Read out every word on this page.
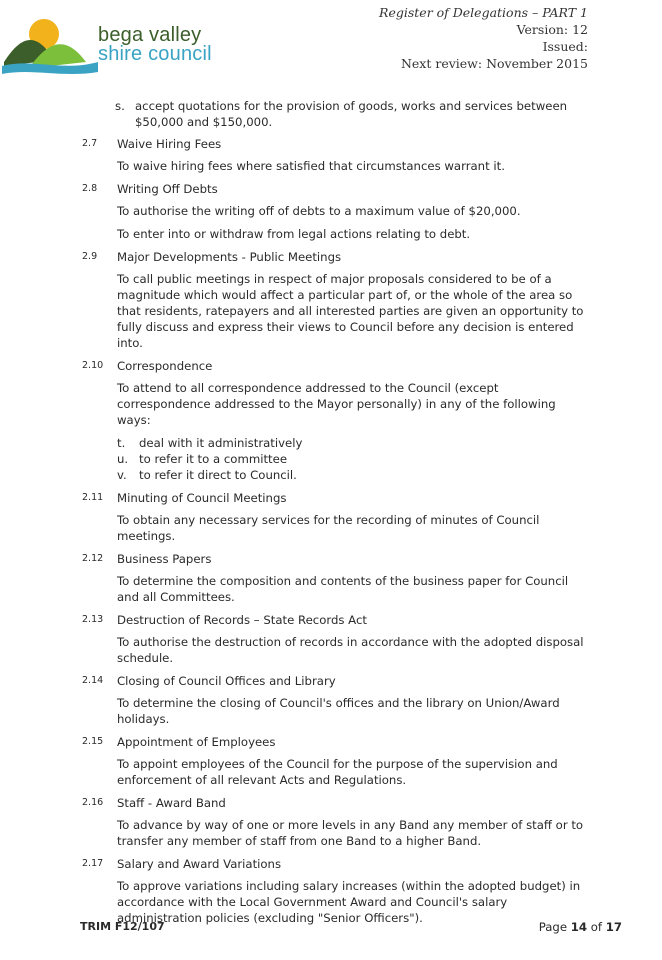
bega valley
shire council
Register of Delegations – PART 1
Version: 12
Issued:
Next review: November 2015
s. accept quotations for the provision of goods, works and services between $50,000 and $150,000.
2.7	Waive Hiring Fees
To waive hiring fees where satisfied that circumstances warrant it.
2.8	Writing Off Debts
To authorise the writing off of debts to a maximum value of $20,000.
To enter into or withdraw from legal actions relating to debt.
2.9	Major Developments - Public Meetings
To call public meetings in respect of major proposals considered to be of a magnitude which would affect a particular part of, or the whole of the area so that residents, ratepayers and all interested parties are given an opportunity to fully discuss and express their views to Council before any decision is entered into.
2.10	Correspondence
To attend to all correspondence addressed to the Council (except correspondence addressed to the Mayor personally) in any of the following ways:
t.	deal with it administratively
u. to refer it to a committee
v.	to refer it direct to Council.
2.11	Minuting of Council Meetings
To obtain any necessary services for the recording of minutes of Council meetings.
2.12	Business Papers
To determine the composition and contents of the business paper for Council and all Committees.
2.13	Destruction of Records – State Records Act
To authorise the destruction of records in accordance with the adopted disposal schedule.
2.14	Closing of Council Offices and Library
To determine the closing of Council's offices and the library on Union/Award holidays.
2.15	Appointment of Employees
To appoint employees of the Council for the purpose of the supervision and enforcement of all relevant Acts and Regulations.
2.16	Staff - Award Band
To advance by way of one or more levels in any Band any member of staff or to transfer any member of staff from one Band to a higher Band.
2.17	Salary and Award Variations
To approve variations including salary increases (within the adopted budget) in accordance with the Local Government Award and Council's salary administration policies (excluding "Senior Officers").
TRIM F12/107	Page 14 of 17
